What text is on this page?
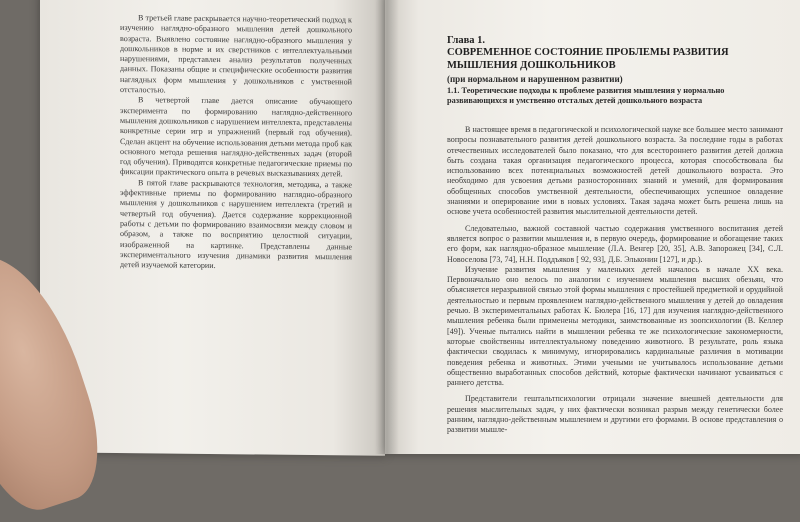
В третьей главе раскрывается научно-теоретический подход к изучению наглядно-образного мышления детей дошкольного возраста. Выявлено состояние наглядно-образного мышления у дошкольников в норме и их сверстников с интеллектуальными нарушениями, представлен анализ результатов полученных данных. Показаны общие и специфические особенности развития наглядных форм мышления у дошкольников с умственной отсталостью.

В четвертой главе дается описание обучающего эксперимента по формированию наглядно-действенного мышления дошкольников с нарушением интеллекта, представлены конкретные серии игр и упражнений (первый год обучения). Сделан акцент на обучение использования детьми метода проб как основного метода решения наглядно-действенных задач (второй год обучения). Приводятся конкретные педагогические приемы по фиксации практического опыта в речевых высказываниях детей.

В пятой главе раскрываются технология, методика, а также эффективные приемы по формированию наглядно-образного мышления у дошкольников с нарушением интеллекта (третий и четвертый год обучения). Дается содержание коррекционной работы с детьми по формированию взаимосвязи между словом и образом, а также по восприятию целостной ситуации, изображенной на картинке. Представлены данные экспериментального изучения динамики развития мышления детей изучаемой категории.

Глава 1.
СОВРЕМЕННОЕ СОСТОЯНИЕ ПРОБЛЕМЫ РАЗВИТИЯ МЫШЛЕНИЯ ДОШКОЛЬНИКОВ
(при нормальном и нарушенном развитии)
1.1. Теоретические подходы к проблеме развития мышления у нормально развивающихся и умственно отсталых детей дошкольного возраста

В настоящее время в педагогической и психологической науке все большее место занимают вопросы познавательного развития детей дошкольного возраста. За последние годы в работах отечественных исследователей было показано, что для всестороннего развития детей должна быть создана такая организация педагогического процесса, которая способствовала бы использованию всех потенциальных возможностей детей дошкольного возраста. Это необходимо для усвоения детьми разностороннних знаний и умений, для формирования обобщенных способов умственной деятельности, обеспечивающих успешное овладение знаниями и оперирование ими в новых условиях. Такая задача может быть решена лишь на основе учета особенностей развития мыслительной деятельности детей.

Следовательно, важной составной частью содержания умственного воспитания детей является вопрос о развитии мышления и, в первую очередь, формирование и обогащение таких его форм, как наглядно-образное мышление (Л.А. Венгер [20, 35], А.В. Запорожец [34], С.Л. Новоселова [73, 74], Н.Н. Поддъяков [ 92, 93], Д.Б. Эльконин [127], и др.).

Изучение развития мышления у маленьких детей началось в начале XX века. Первоначально оно велось по аналогии с изучением мышления высших обезьян, что объясняется неразрывной связью этой формы мышления с простейшей предметной и орудийной деятельностью и первым проявлением наглядно-действенного мышления у детей до овладения речью. В экспериментальных работах К. Бюлера [16, 17] для изучения наглядно-действенного мышления ребенка были применены методики, заимствованные из зоопсихологии (В. Келлер [49]). Ученые пытались найти в мышлении ребенка те же психологические закономерности, которые свойственны интеллектуальному поведению животного. В результате, роль языка фактически сводилась к минимуму, игнорировались кардинальные различия в мотивации поведения ребенка и животных. Этими учеными не учитывалось использование детьми общественно выработанных способов действий, которые фактически начинают усваиваться с раннего детства.

Представители гештальтпсихологии отрицали значение внешней деятельности для решения мыслительных задач, у них фактически возникал разрыв между генетически более ранним, наглядно-действенным мышлением и другими его формами. В основе представления о развитии мышле-
